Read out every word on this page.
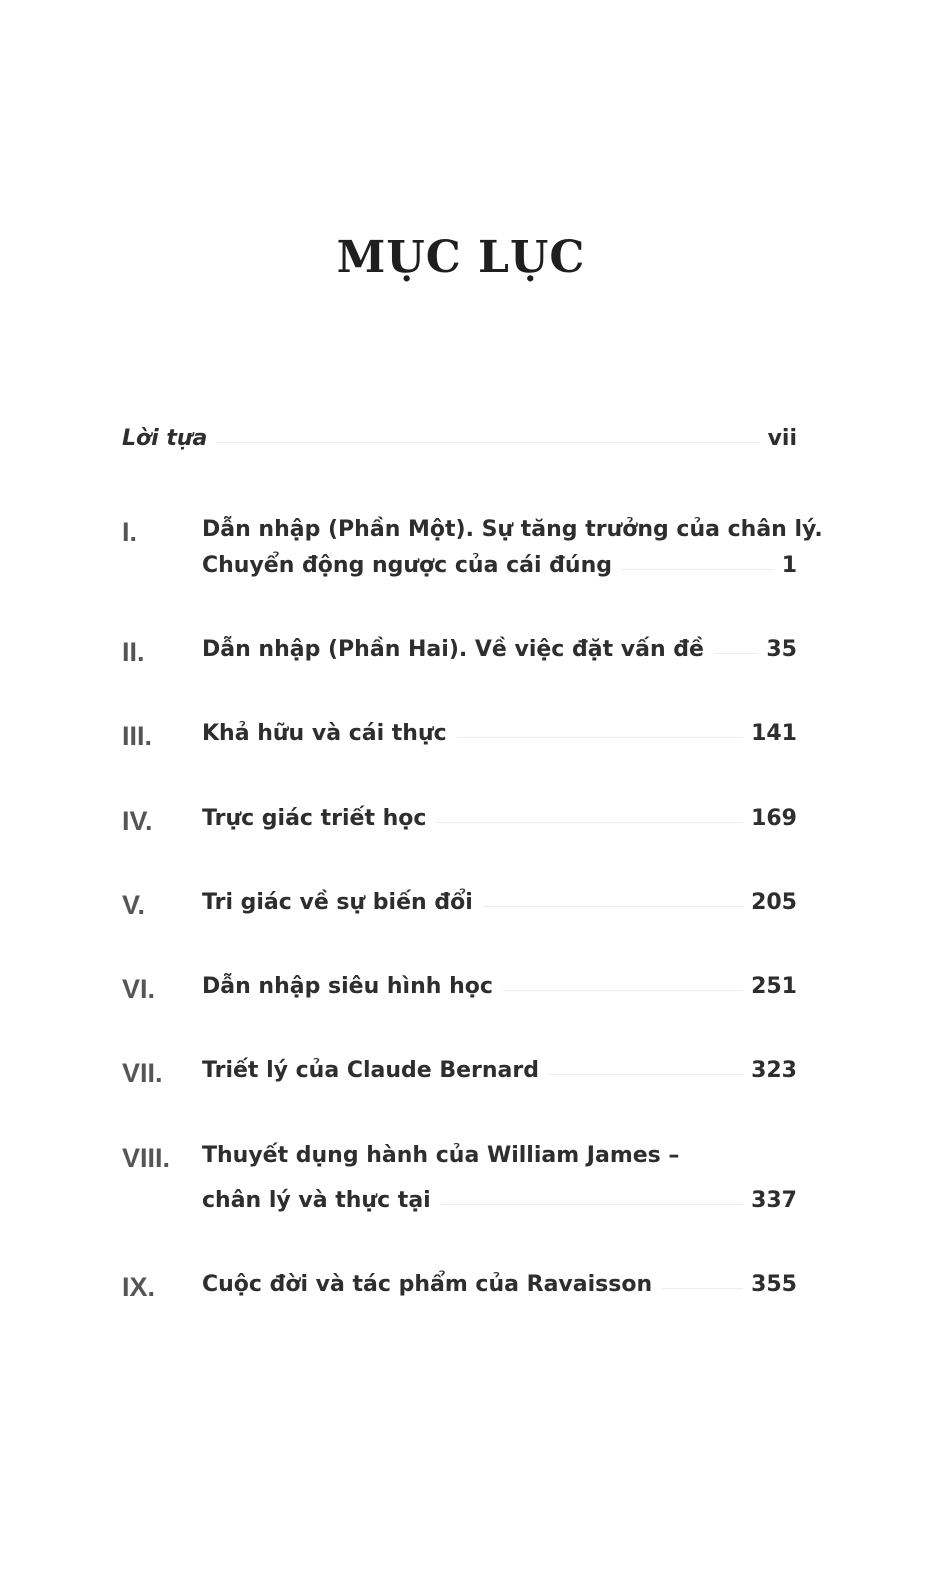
MỤC LỤC
Lời tựa	vii
I.	Dẫn nhập (Phần Một). Sự tăng trưởng của chân lý.
Chuyển động ngược của cái đúng	1
II.	Dẫn nhập (Phần Hai). Về việc đặt vấn đề	35
III. Khả hữu và cái thực	141
IV. Trực giác triết học	169
V.	Tri giác về sự biến đổi	205
VI. Dẫn nhập siêu hình học	251
VII. Triết lý của Claude Bernard	323
VIII. Thuyết dụng hành của William James –
chân lý và thực tại	337
IX. Cuộc đời và tác phẩm của Ravaisson	355
